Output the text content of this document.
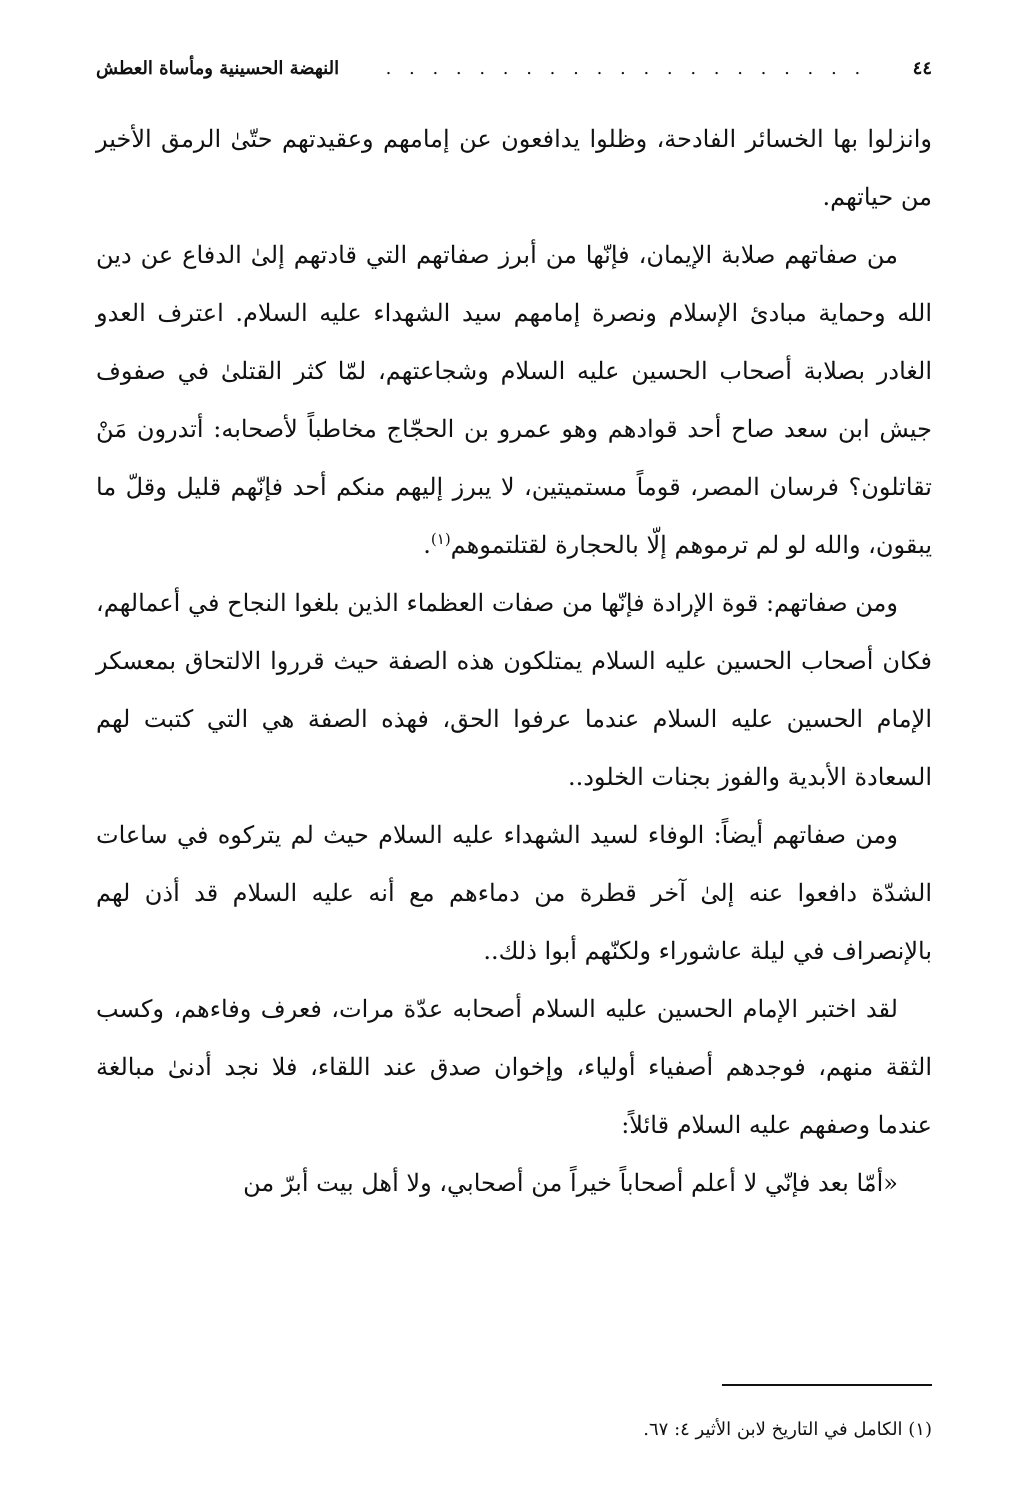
٤٤
. . . . . . . . . . . . . . . . . . . . .
النهضة الحسينية ومأساة العطش

وانزلوا بها الخسائر الفادحة، وظلوا يدافعون عن إمامهم وعقيدتهم حتّىٰ الرمق الأخير من حياتهم.

من صفاتهم صلابة الإيمان، فإنّها من أبرز صفاتهم التي قادتهم إلىٰ الدفاع عن دين الله وحماية مبادئ الإسلام ونصرة إمامهم سيد الشهداء عليه السلام. اعترف العدو الغادر بصلابة أصحاب الحسين عليه السلام وشجاعتهم، لمّا كثر القتلىٰ في صفوف جيش ابن سعد صاح أحد قوادهم وهو عمرو بن الحجّاج مخاطباً لأصحابه: أتدرون مَنْ تقاتلون؟ فرسان المصر، قوماً مستميتين، لا يبرز إليهم منكم أحد فإنّهم قليل وقلّ ما يبقون، والله لو لم ترموهم إلّا بالحجارة لقتلتموهم$^{(١)}$.

ومن صفاتهم: قوة الإرادة فإنّها من صفات العظماء الذين بلغوا النجاح في أعمالهم، فكان أصحاب الحسين عليه السلام يمتلكون هذه الصفة حيث قرروا الالتحاق بمعسكر الإمام الحسين عليه السلام عندما عرفوا الحق، فهذه الصفة هي التي كتبت لهم السعادة الأبدية والفوز بجنات الخلود..

ومن صفاتهم أيضاً: الوفاء لسيد الشهداء عليه السلام حيث لم يتركوه في ساعات الشدّة دافعوا عنه إلىٰ آخر قطرة من دماءهم مع أنه عليه السلام قد أذن لهم بالإنصراف في ليلة عاشوراء ولكنّهم أبوا ذلك..

لقد اختبر الإمام الحسين عليه السلام أصحابه عدّة مرات، فعرف وفاءهم، وكسب الثقة منهم، فوجدهم أصفياء أولياء، وإخوان صدق عند اللقاء، فلا نجد أدنىٰ مبالغة عندما وصفهم عليه السلام قائلاً:

«أمّا بعد فإنّي لا أعلم أصحاباً خيراً من أصحابي، ولا أهل بيت أبرّ من

(١) الكامل في التاريخ لابن الأثير ٤: ٦٧.
